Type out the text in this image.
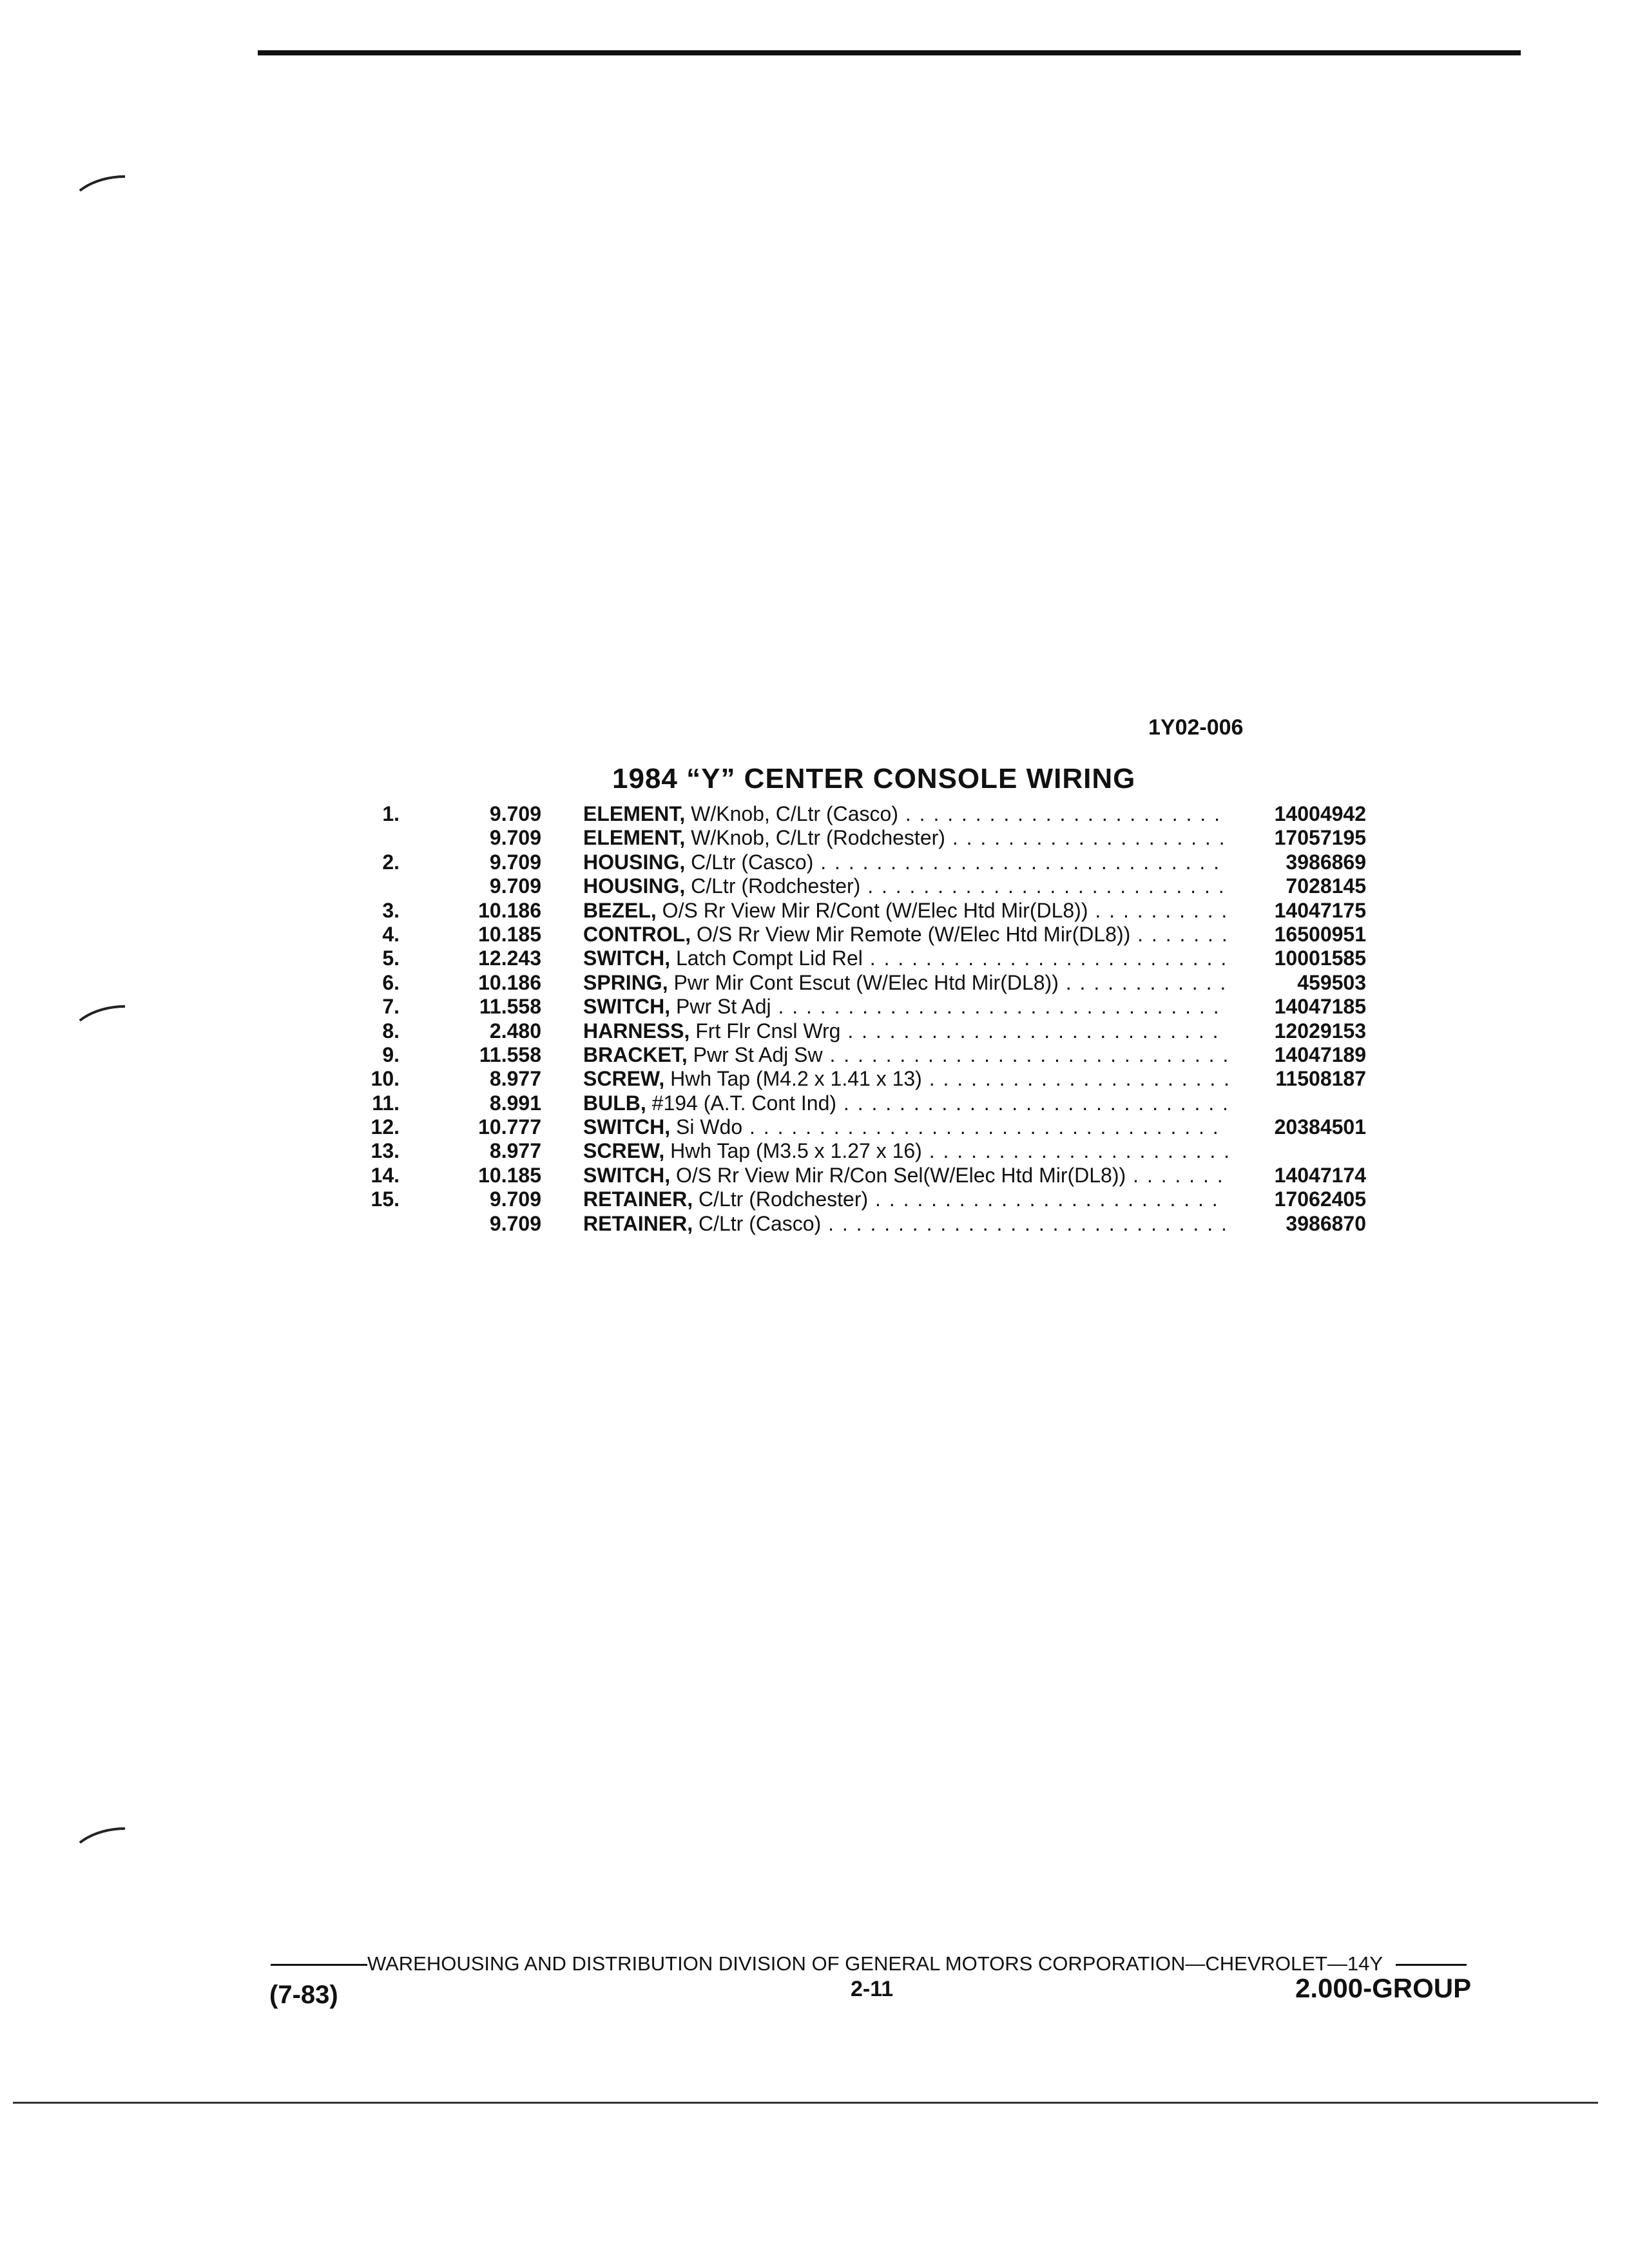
1Y02-006
1984 “Y” CENTER CONSOLE WIRING
1.	9.709 ELEMENT, W/Knob, C/Ltr (Casco) . . .	14004942
9.709 ELEMENT, W/Knob, C/Ltr (Rodchester) . . .	17057195
2.	9.709 HOUSING, C/Ltr (Casco) . . .	3986869
9.709 HOUSING, C/Ltr (Rodchester) . . .	7028145
3.	10.186 BEZEL, O/S Rr View Mir R/Cont (W/Elec Htd Mir(DL8)) . . .	14047175
4.	10.185 CONTROL, O/S Rr View Mir Remote (W/Elec Htd Mir(DL8)) . . .	16500951
5.	12.243 SWITCH, Latch Compt Lid Rel . . .	10001585
6.	10.186 SPRING, Pwr Mir Cont Escut (W/Elec Htd Mir(DL8)) . . .	459503
7.	11.558 SWITCH, Pwr St Adj . . .	14047185
8.	2.480 HARNESS, Frt Flr Cnsl Wrg . . .	12029153
9.	11.558 BRACKET, Pwr St Adj Sw . . .	14047189
10.	8.977 SCREW, Hwh Tap (M4.2 x 1.41 x 13) . . .	11508187
11.	8.991 BULB, #194 (A.T. Cont Ind) . . .
12.	10.777 SWITCH, Si Wdo . . .	20384501
13.	8.977 SCREW, Hwh Tap (M3.5 x 1.27 x 16) . . .
14.	10.185 SWITCH, O/S Rr View Mir R/Con Sel(W/Elec Htd Mir(DL8)) . . .	14047174
15.	9.709 RETAINER, C/Ltr (Rodchester) . . .	17062405
9.709 RETAINER, C/Ltr (Casco) . . .	3986870
WAREHOUSING AND DISTRIBUTION DIVISION OF GENERAL MOTORS CORPORATION—CHEVROLET—14Y
(7-83)	2-11	2.000-GROUP
